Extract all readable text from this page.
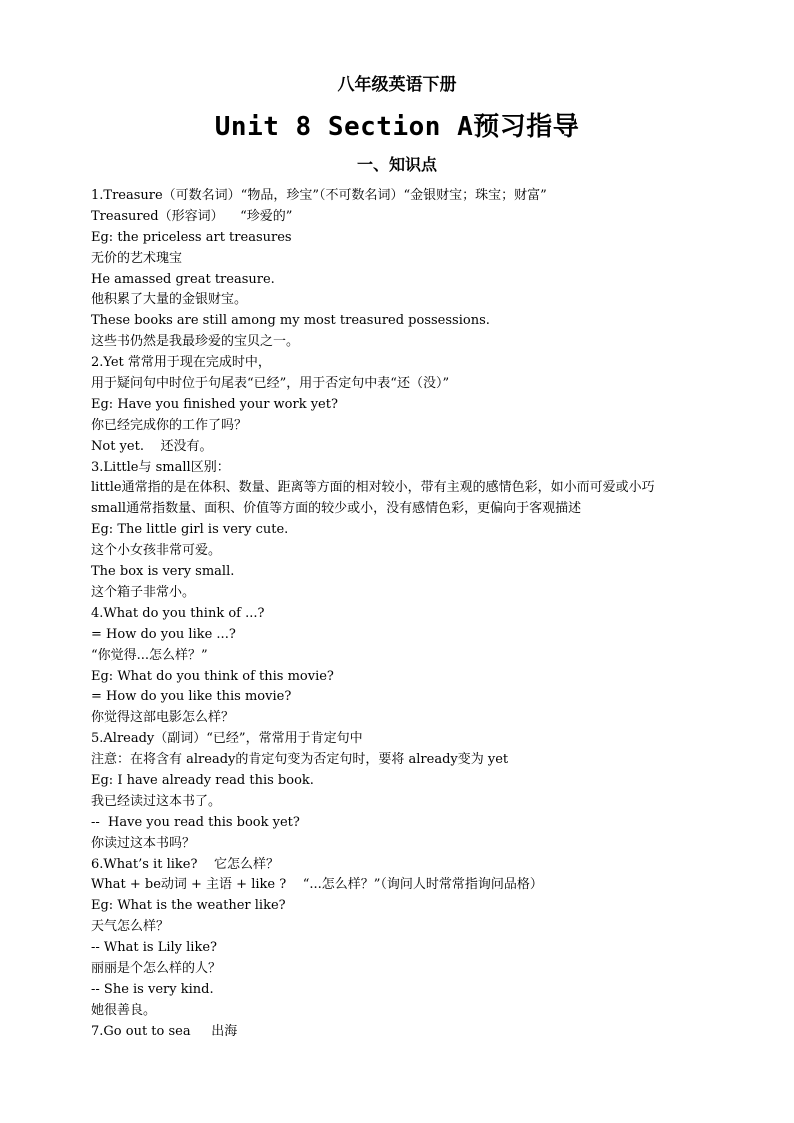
八年级英语下册
Unit 8 Section A预习指导
一、知识点
1.Treasure（可数名词）“物品，珍宝”（不可数名词）“金银财宝；珠宝；财富”
Treasured（形容词）    “珍爱的”
Eg: the priceless art treasures
无价的艺术瑰宝
He amassed great treasure.
他积累了大量的金银财宝。
These books are still among my most treasured possessions.
这些书仍然是我最珍爱的宝贝之一。
2.Yet 常常用于现在完成时中，
用于疑问句中时位于句尾表“已经”，用于否定句中表“还（没）”
Eg: Have you finished your work yet?
你已经完成你的工作了吗？
Not yet.    还没有。
3.Little与 small区别：
little通常指的是在体积、数量、距离等方面的相对较小，带有主观的感情色彩，如小而可爱或小巧
small通常指数量、面积、价值等方面的较少或小，没有感情色彩，更偏向于客观描述
Eg: The little girl is very cute.
这个小女孩非常可爱。
The box is very small.
这个箱子非常小。
4.What do you think of ...?
= How do you like ...?
“你觉得...怎么样？”
Eg: What do you think of this movie?
= How do you like this movie?
你觉得这部电影怎么样？
5.Already（副词）“已经”，常常用于肯定句中
注意：在将含有 already的肯定句变为否定句时，要将 already变为 yet
Eg: I have already read this book.
我已经读过这本书了。
--  Have you read this book yet?
你读过这本书吗？
6.What’s it like?    它怎么样？
What + be动词 + 主语 + like ?    “...怎么样？”（询问人时常常指询问品格）
Eg: What is the weather like?
天气怎么样？
-- What is Lily like?
丽丽是个怎么样的人？
-- She is very kind.
她很善良。
7.Go out to sea     出海
